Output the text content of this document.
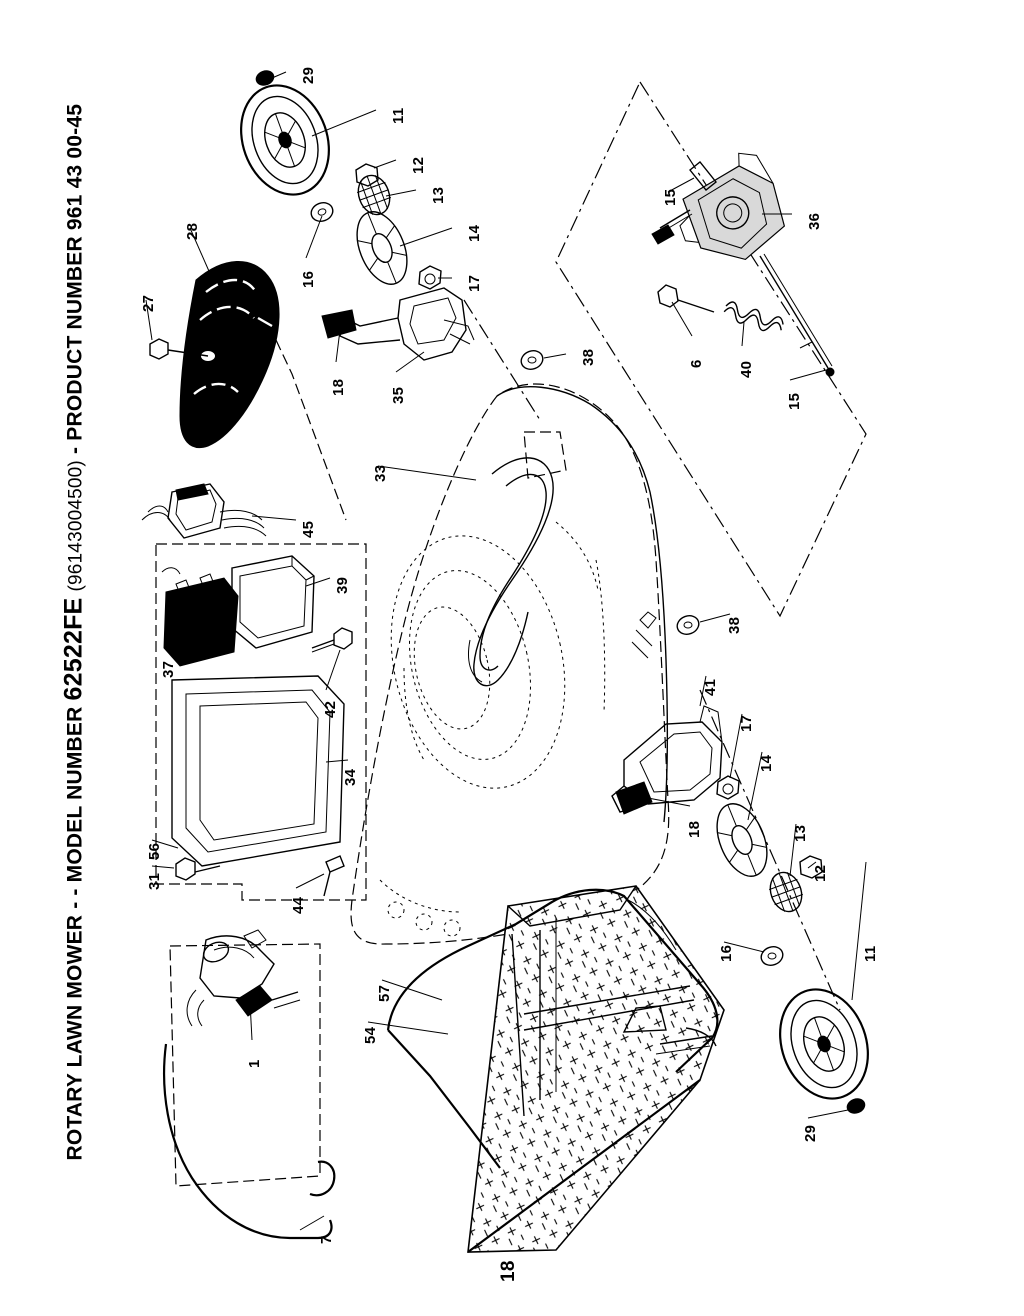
ROTARY LAWN MOWER - - MODEL NUMBER 62522FE (96143004500) - PRODUCT NUMBER 961 43 00-45
29
11
12
13
14
16	17
18	35
28
27
38
15
36
6 40
15
33
45
39
37
42
34
56
31
44
1
7
57
54
18
38
41
17
14
18	13
12
16	11
29
